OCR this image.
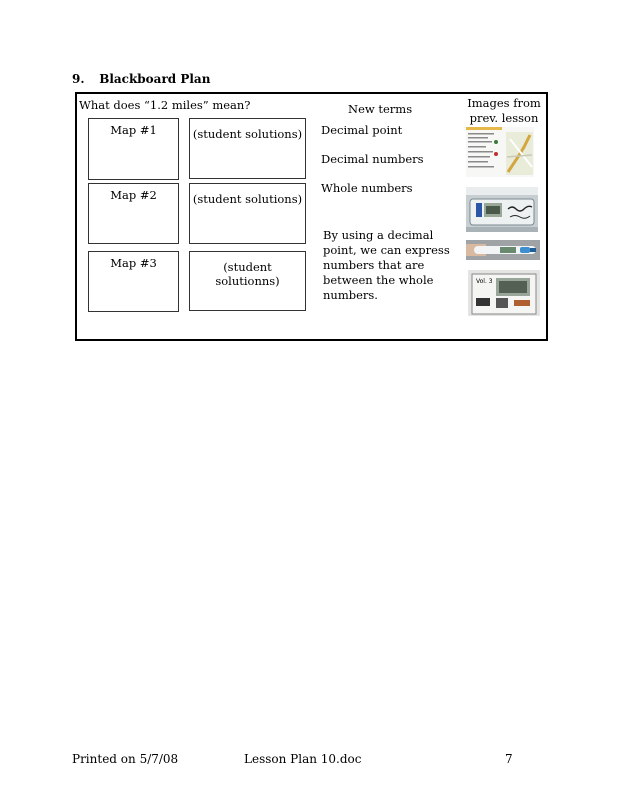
9. Blackboard Plan
What does “1.2 miles” mean?
Map #1
Map #2
Map #3
(student solutions)
(student solutions)
(student solutionns)
New terms
Decimal point
Decimal numbers
Whole numbers
By using a decimal point, we can express numbers that are between the whole numbers.
Images from prev. lesson
Vol. 3
Printed on 5/7/08	Lesson Plan 10.doc	7
